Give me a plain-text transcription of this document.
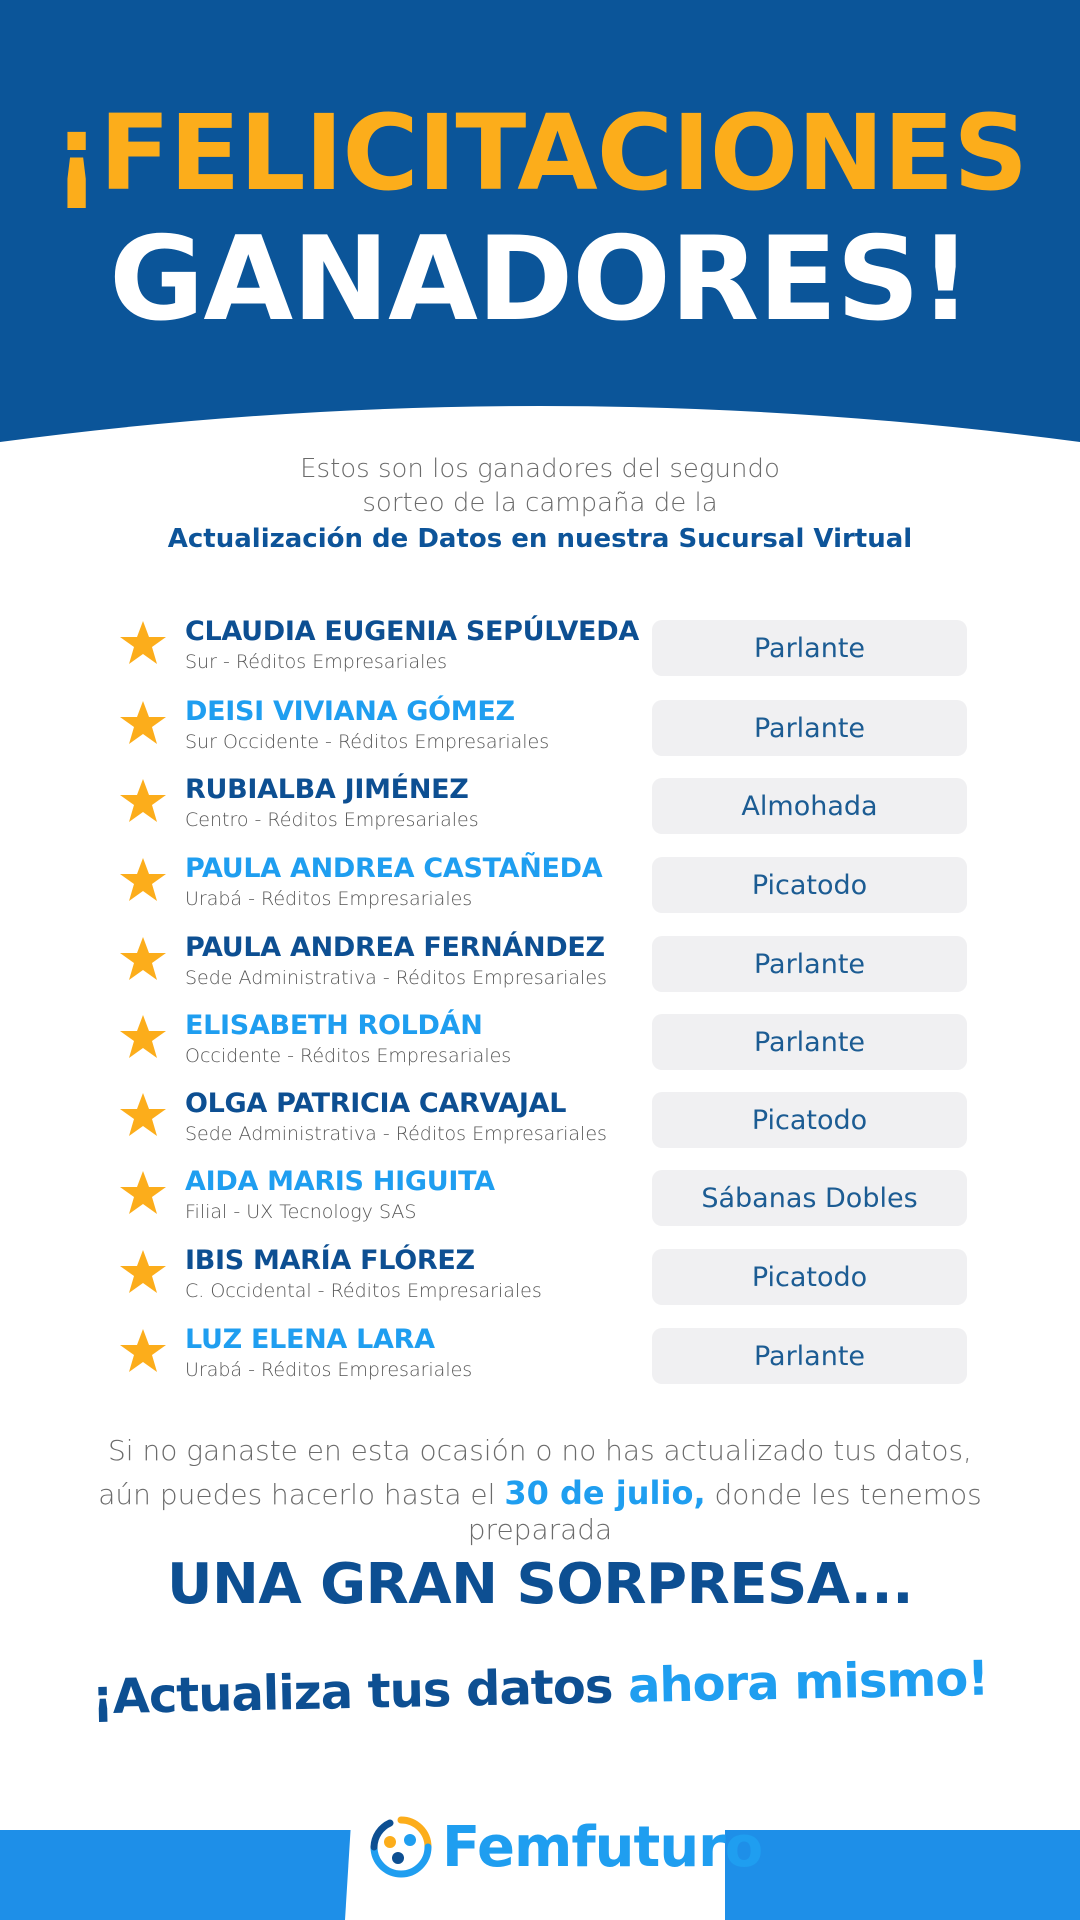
¡FELICITACIONES
GANADORES!
Estos son los ganadores del segundo
sorteo de la campaña de la
Actualización de Datos en nuestra Sucursal Virtual
CLAUDIA EUGENIA SEPÚLVEDA
Sur - Réditos Empresariales	Parlante
DEISI VIVIANA GÓMEZ
Sur Occidente - Réditos Empresariales	Parlante
RUBIALBA JIMÉNEZ
Centro - Réditos Empresariales	Almohada
PAULA ANDREA CASTAÑEDA
Urabá - Réditos Empresariales	Picatodo
PAULA ANDREA FERNÁNDEZ
Sede Administrativa - Réditos Empresariales	Parlante
ELISABETH ROLDÁN
Occidente - Réditos Empresariales	Parlante
OLGA PATRICIA CARVAJAL
Sede Administrativa - Réditos Empresariales	Picatodo
AIDA MARIS HIGUITA
Filial - UX Tecnology SAS	Sábanas Dobles
IBIS MARÍA FLÓREZ
C. Occidental - Réditos Empresariales	Picatodo
LUZ ELENA LARA
Urabá - Réditos Empresariales	Parlante
Si no ganaste en esta ocasión o no has actualizado tus datos,
aún puedes hacerlo hasta el 30 de julio, donde les tenemos
preparada
UNA GRAN SORPRESA...
¡Actualiza tus datos ahora mismo!
Femfuturo
